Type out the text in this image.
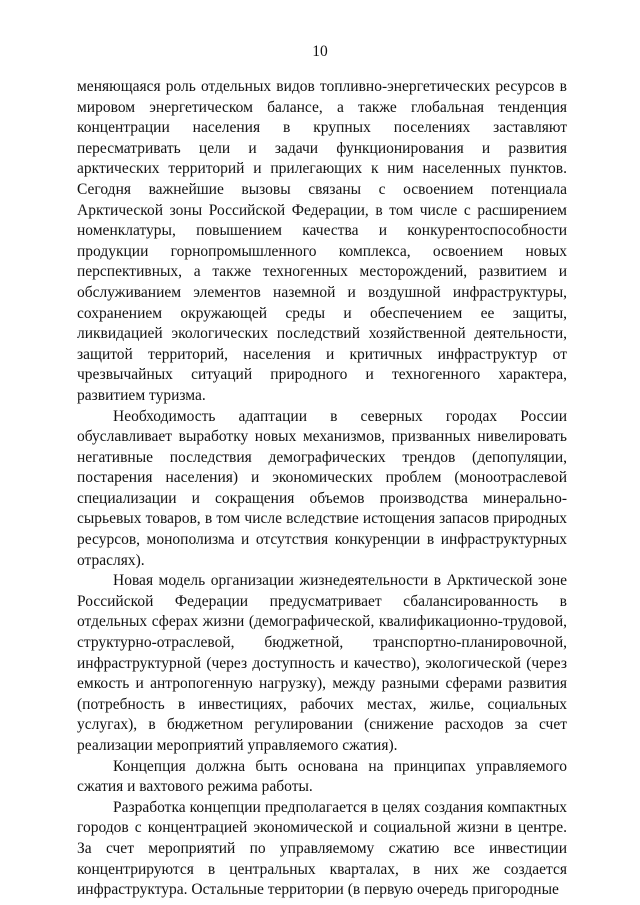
10

меняющаяся роль отдельных видов топливно-энергетических ресурсов в мировом энергетическом балансе, а также глобальная тенденция концентрации населения в крупных поселениях заставляют пересматривать цели и задачи функционирования и развития арктических территорий и прилегающих к ним населенных пунктов. Сегодня важнейшие вызовы связаны с освоением потенциала Арктической зоны Российской Федерации, в том числе с расширением номенклатуры, повышением качества и конкурентоспособности продукции горнопромышленного комплекса, освоением новых перспективных, а также техногенных месторождений, развитием и обслуживанием элементов наземной и воздушной инфраструктуры, сохранением окружающей среды и обеспечением ее защиты, ликвидацией экологических последствий хозяйственной деятельности, защитой территорий, населения и критичных инфраструктур от чрезвычайных ситуаций природного и техногенного характера, развитием туризма.

Необходимость адаптации в северных городах России обуславливает выработку новых механизмов, призванных нивелировать негативные последствия демографических трендов (депопуляции, постарения населения) и экономических проблем (моноотраслевой специализации и сокращения объемов производства минерально-сырьевых товаров, в том числе вследствие истощения запасов природных ресурсов, монополизма и отсутствия конкуренции в инфраструктурных отраслях).

Новая модель организации жизнедеятельности в Арктической зоне Российской Федерации предусматривает сбалансированность в отдельных сферах жизни (демографической, квалификационно-трудовой, структурно-отраслевой, бюджетной, транспортно-планировочной, инфраструктурной (через доступность и качество), экологической (через емкость и антропогенную нагрузку), между разными сферами развития (потребность в инвестициях, рабочих местах, жилье, социальных услугах), в бюджетном регулировании (снижение расходов за счет реализации мероприятий управляемого сжатия).

Концепция должна быть основана на принципах управляемого сжатия и вахтового режима работы.

Разработка концепции предполагается в целях создания компактных городов с концентрацией экономической и социальной жизни в центре. За счет мероприятий по управляемому сжатию все инвестиции концентрируются в центральных кварталах, в них же создается инфраструктура. Остальные территории (в первую очередь пригородные
